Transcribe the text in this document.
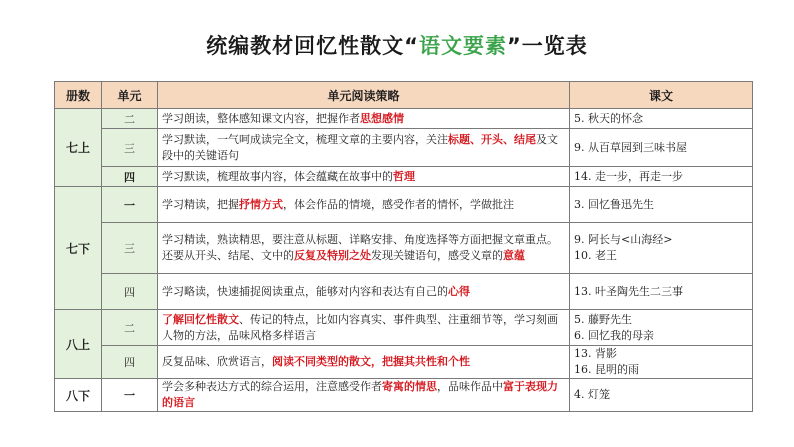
统编教材回忆性散文“语文要素”一览表
册数	单元	单元阅读策略	课文
七上	二	学习朗读，整体感知课文内容，把握作者思想感情	5. 秋天的怀念

	三	学习默读，一气呵成读完全文，梳理文章的主要内容，关注标题、开头、结尾及文段中的关键语句	9. 从百草园到三味书屋

	四	学习默读，梳理故事内容，体会蕴藏在故事中的哲理	14. 走一步，再走一步

七下	一	学习精读，把握抒情方式，体会作品的情境，感受作者的情怀，学做批注	3. 回忆鲁迅先生

	三	学习精读，熟读精思，要注意从标题、详略安排、角度选择等方面把握文章重点。还要从开头、结尾、文中的反复及特别之处发现关键语句，感受义章的意蕴	9. 阿长与<山海经>
10. 老王

	四	学习略读，快速捕捉阅读重点，能够对内容和表达有自己的心得	13. 叶圣陶先生二三事

八上	二	了解回忆性散文、传记的特点，比如内容真实、事件典型、注重细节等，学习刻画人物的方法，品味风格多样语言	5. 藤野先生
6. 回忆我的母亲

	四	反复品味、欣赏语言，阅读不同类型的散文，把握其共性和个性	13. 背影
16. 昆明的雨

八下	一	学会多种表达方式的综合运用，注意感受作者寄寓的情思，品味作品中富于表现力的语言	4. 灯笼
